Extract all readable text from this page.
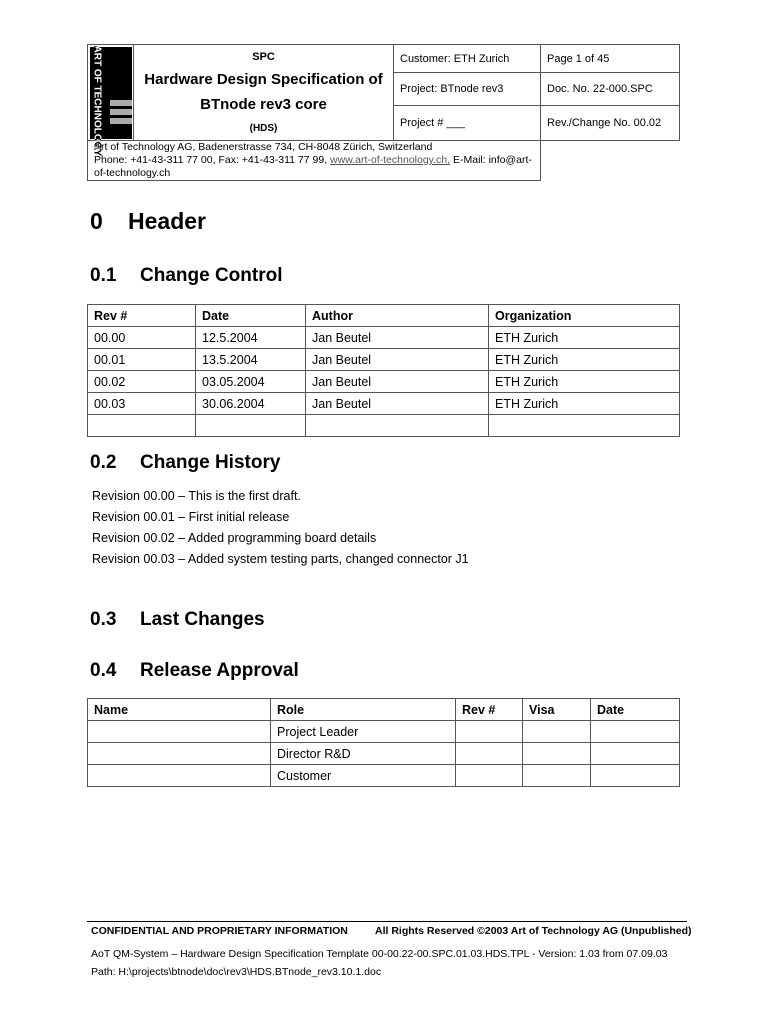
ART OF TECHNOLOGY	SPC
Hardware Design Specification of
BTnode rev3 core
(HDS)	Customer: ETH Zurich	Page 1 of 45
		Project: BTnode rev3	Doc. No. 22-000.SPC
		Project # ___	Rev./Change No. 00.02
Art of Technology AG, Badenerstrasse 734, CH-8048 Zürich, Switzerland
Phone: +41-43-311 77 00, Fax: +41-43-311 77 99, www.art-of-technology.ch, E-Mail: info@art-of-technology.ch			
0 Header
0.1 Change Control
Rev #	Date	Author	Organization
00.00	12.5.2004	Jan Beutel	ETH Zurich
00.01	13.5.2004	Jan Beutel	ETH Zurich
00.02	03.05.2004	Jan Beutel	ETH Zurich
00.03	30.06.2004	Jan Beutel	ETH Zurich

0.2 Change History
Revision 00.00 – This is the first draft.
Revision 00.01 – First initial release
Revision 00.02 – Added programming board details
Revision 00.03 – Added system testing parts, changed connector J1
0.3 Last Changes
0.4 Release Approval
Name	Role	Rev #	Visa	Date
	Project Leader			
	Director R&D			
	Customer			
CONFIDENTIAL AND PROPRIETARY INFORMATION	All Rights Reserved ©2003 Art of Technology AG (Unpublished)
AoT QM-System – Hardware Design Specification Template 00-00.22-00.SPC.01.03.HDS.TPL - Version: 1.03 from 07.09.03
Path: H:\projects\btnode\doc\rev3\HDS.BTnode_rev3.10.1.doc
